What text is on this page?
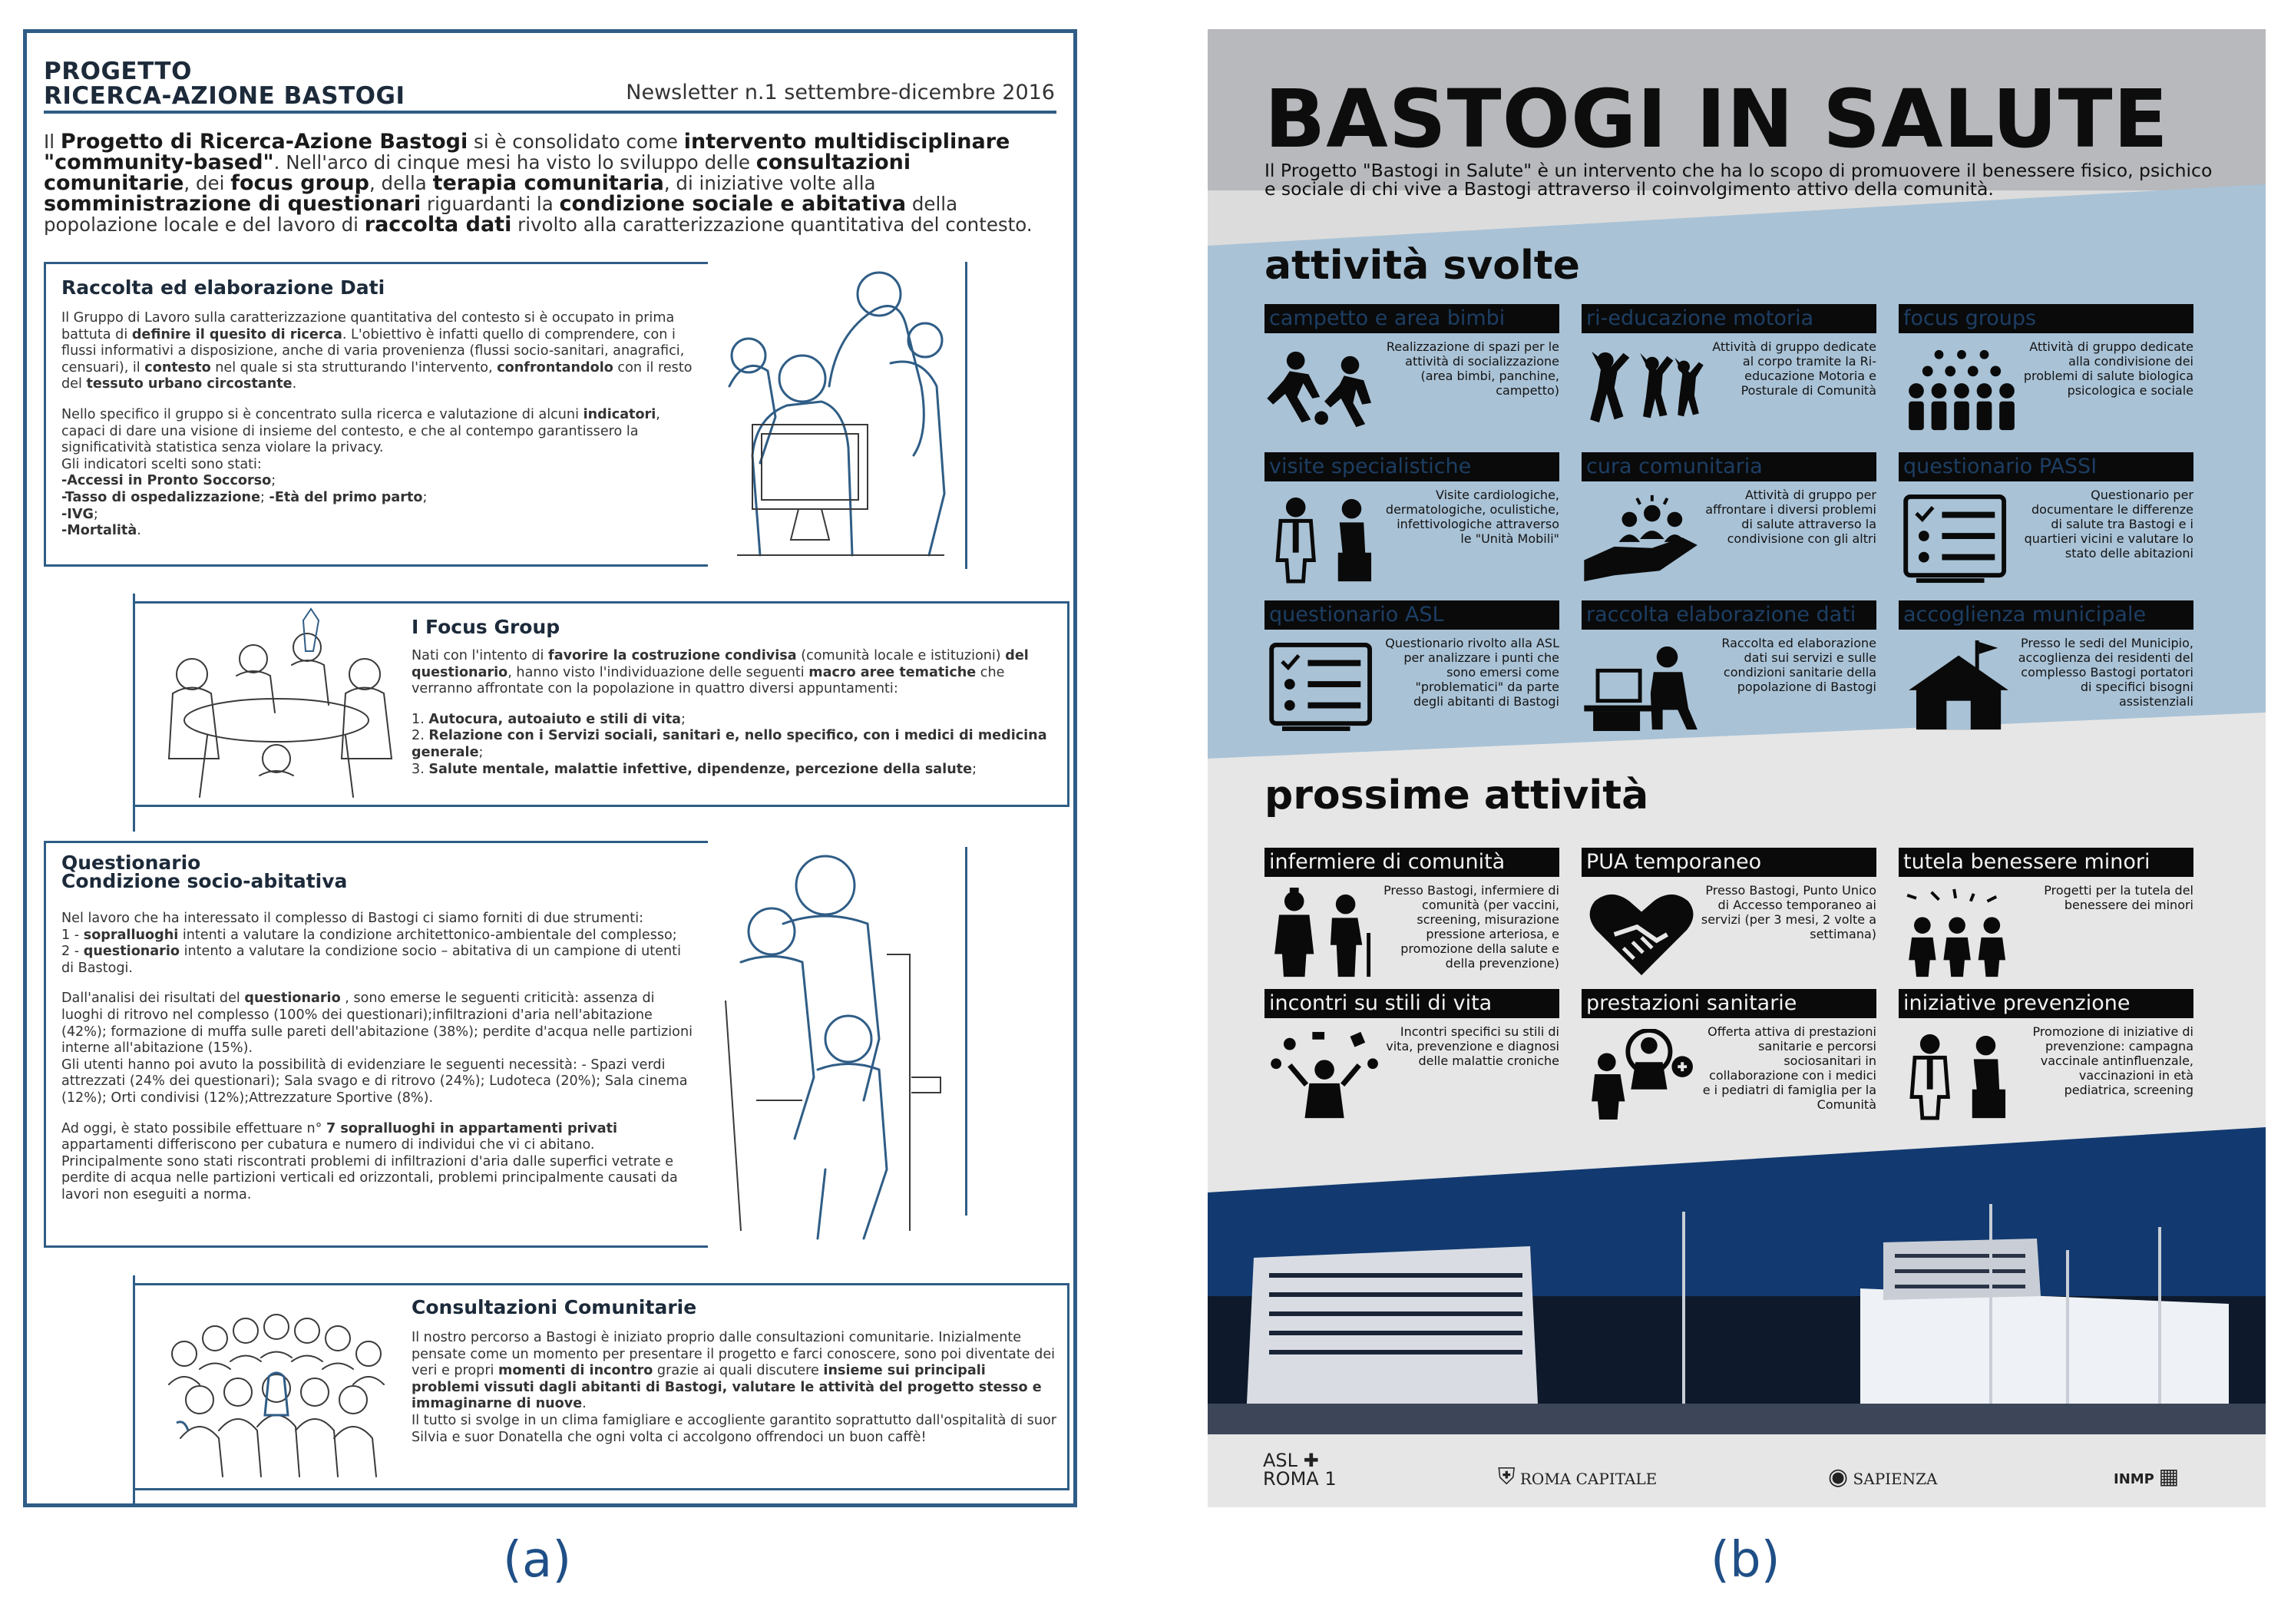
PROGETTO
RICERCA-AZIONE BASTOGI	Newsletter n.1 settembre-dicembre 2016
Il Progetto di Ricerca-Azione Bastogi si è consolidato come intervento multidisciplinare "community-based". Nell'arco di cinque mesi ha visto lo sviluppo delle consultazioni comunitarie, dei focus group, della terapia comunitaria, di iniziative volte alla somministrazione di questionari riguardanti la condizione sociale e abitativa della popolazione locale e del lavoro di raccolta dati rivolto alla caratterizzazione quantitativa del contesto.
Raccolta ed elaborazione Dati

Il Gruppo di Lavoro sulla caratterizzazione quantitativa del contesto si è occupato in prima battuta di definire il quesito di ricerca. L'obiettivo è infatti quello di comprendere, con i flussi informativi a disposizione, anche di varia provenienza (flussi socio-sanitari, anagrafici, censuari), il contesto nel quale si sta strutturando l'intervento, confrontandolo con il resto del tessuto urbano circostante.

Nello specifico il gruppo si è concentrato sulla ricerca e valutazione di alcuni indicatori, capaci di dare una visione di insieme del contesto, e che al contempo garantissero la significatività statistica senza violare la privacy.
Gli indicatori scelti sono stati:
-Accessi in Pronto Soccorso;
-Tasso di ospedalizzazione; -Età del primo parto;
-IVG;
-Mortalità.

I Focus Group

Nati con l'intento di favorire la costruzione condivisa (comunità locale e istituzioni) del questionario, hanno visto l'individuazione delle seguenti macro aree tematiche che verranno affrontate con la popolazione in quattro diversi appuntamenti:

1. Autocura, autoaiuto e stili di vita;
2. Relazione con i Servizi sociali, sanitari e, nello specifico, con i medici di medicina generale;
3. Salute mentale, malattie infettive, dipendenze, percezione della salute;

Questionario
Condizione socio-abitativa

Nel lavoro che ha interessato il complesso di Bastogi ci siamo forniti di due strumenti:
1 - sopralluoghi intenti a valutare la condizione architettonico-ambientale del complesso;
2 - questionario intento a valutare la condizione socio – abitativa di un campione di utenti di Bastogi.

Dall'analisi dei risultati del questionario , sono emerse le seguenti criticità: assenza di luoghi di ritrovo nel complesso (100% dei questionari);infiltrazioni d'aria nell'abitazione (42%); formazione di muffa sulle pareti dell'abitazione (38%); perdite d'acqua nelle partizioni interne all'abitazione (15%).
Gli utenti hanno poi avuto la possibilità di evidenziare le seguenti necessità: - Spazi verdi attrezzati (24% dei questionari); Sala svago e di ritrovo (24%); Ludoteca (20%); Sala cinema (12%); Orti condivisi (12%);Attrezzature Sportive (8%).

Ad oggi, è stato possibile effettuare n° 7 sopralluoghi in appartamenti privati appartamenti differiscono per cubatura e numero di individui che vi ci abitano. Principalmente sono stati riscontrati problemi di infiltrazioni d'aria dalle superfici vetrate e perdite di acqua nelle partizioni verticali ed orizzontali, problemi principalmente causati da lavori non eseguiti a norma.

Consultazioni Comunitarie

Il nostro percorso a Bastogi è iniziato proprio dalle consultazioni comunitarie. Inizialmente pensate come un momento per presentare il progetto e farci conoscere, sono poi diventate dei veri e propri momenti di incontro grazie ai quali discutere insieme sui principali problemi vissuti dagli abitanti di Bastogi, valutare le attività del progetto stesso e immaginarne di nuove.
Il tutto si svolge in un clima famigliare e accogliente garantito soprattutto dall'ospitalità di suor Silvia e suor Donatella che ogni volta ci accolgono offrendoci un buon caffè!

BASTOGI IN SALUTE
Il Progetto "Bastogi in Salute" è un intervento che ha lo scopo di promuovere il benessere fisico, psichico e sociale di chi vive a Bastogi attraverso il coinvolgimento attivo della comunità.
attività svolte
campetto e area bimbi
Realizzazione di spazi per le attività di socializzazione (area bimbi, panchine, campetto)
ri-educazione motoria
Attività di gruppo dedicate al corpo tramite la Ri-educazione Motoria e Posturale di Comunità
focus groups
Attività di gruppo dedicate alla condivisione dei problemi di salute biologica psicologica e sociale
visite specialistiche
Visite cardiologiche, dermatologiche, oculistiche, infettivologiche attraverso le "Unità Mobili"
cura comunitaria
Attività di gruppo per affrontare i diversi problemi di salute attraverso la condivisione con gli altri
questionario PASSI
Questionario per documentare le differenze di salute tra Bastogi e i quartieri vicini e valutare lo stato delle abitazioni
questionario ASL
Questionario rivolto alla ASL per analizzare i punti che sono emersi come "problematici" da parte degli abitanti di Bastogi
raccolta elaborazione dati
Raccolta ed elaborazione dati sui servizi e sulle condizioni sanitarie della popolazione di Bastogi
accoglienza municipale
Presso le sedi del Municipio, accoglienza dei residenti del complesso Bastogi portatori di specifici bisogni assistenziali
prossime attività
infermiere di comunità
Presso Bastogi, infermiere di comunità (per vaccini, screening, misurazione pressione arteriosa, e promozione della salute e della prevenzione)
PUA temporaneo
Presso Bastogi, Punto Unico di Accesso temporaneo ai servizi (per 3 mesi, 2 volte a settimana)
tutela benessere minori
Progetti per la tutela del benessere dei minori
incontri su stili di vita
Incontri specifici su stili di vita, prevenzione e diagnosi delle malattie croniche
prestazioni sanitarie
Offerta attiva di prestazioni sanitarie e percorsi sociosanitari in collaborazione con i medici e i pediatri di famiglia per la Comunità
iniziative prevenzione
Promozione di iniziative di prevenzione: campagna vaccinale antinfluenzale, vaccinazioni in età pediatrica, screening
ASL ✚
ROMA 1	⛨ ROMA CAPITALE	◉ SAPIENZA	INMP ▦
(a)	(b)
